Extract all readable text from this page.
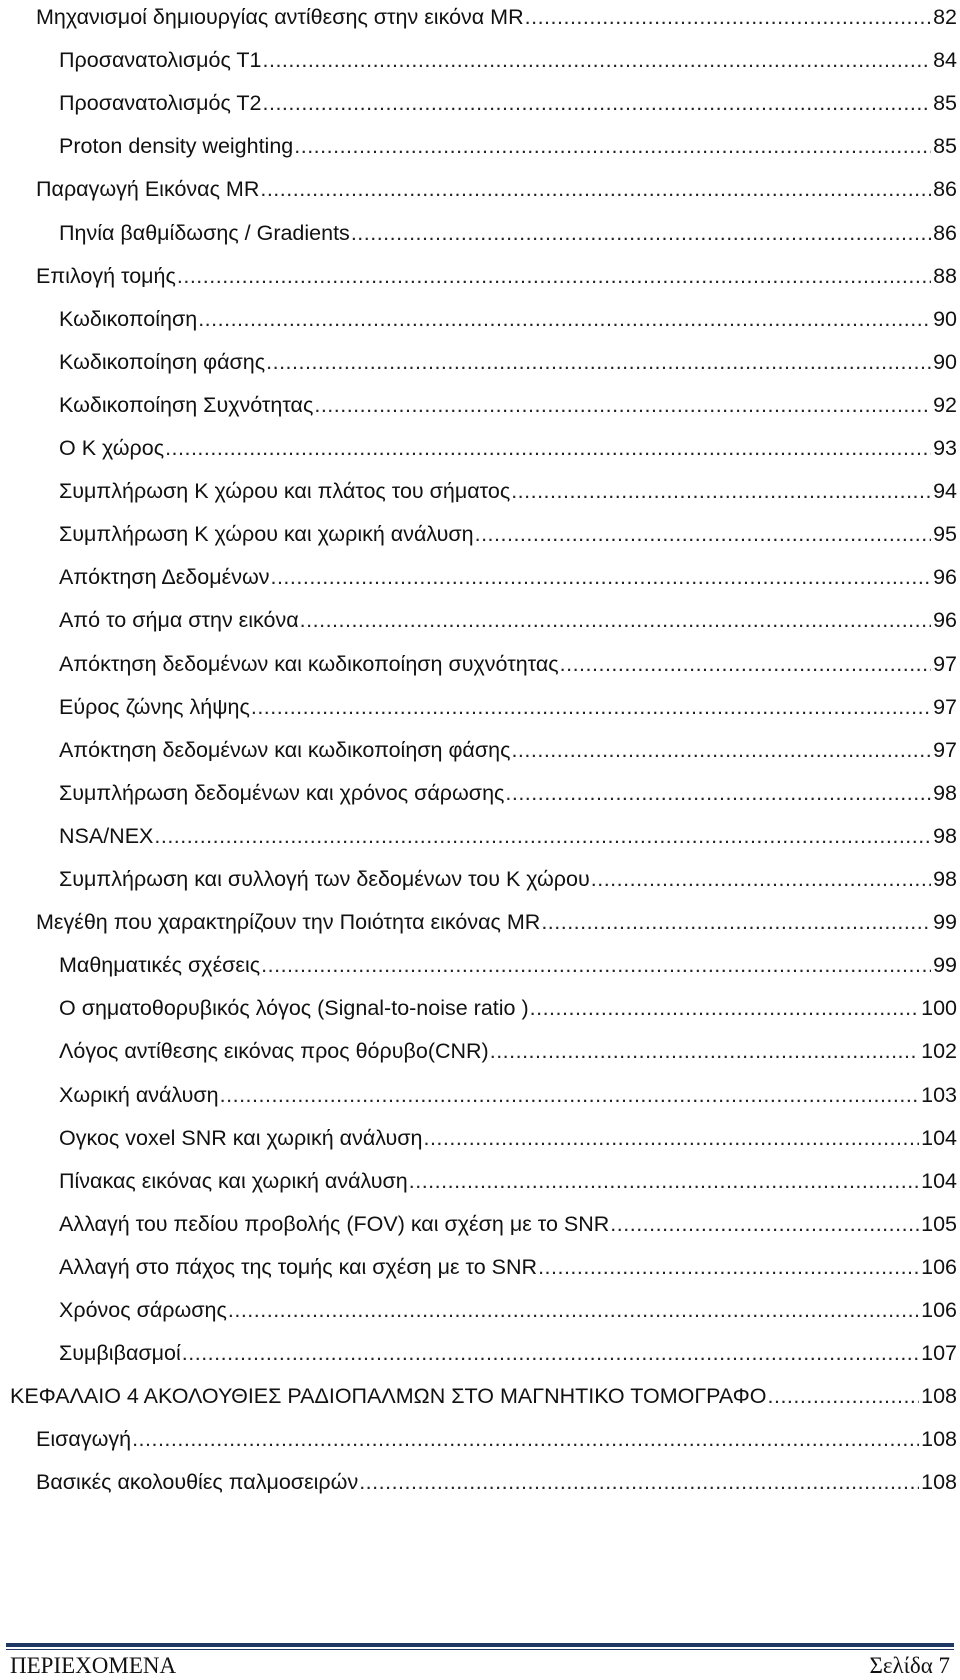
Μηχανισμοί δημιουργίας αντίθεσης στην εικόνα MR .....	82
Προσανατολισμός Τ1 .....	84
Προσανατολισμός Τ2 .....	85
Proton density weighting .....	85
Παραγωγή Εικόνας MR .....	86
Πηνία βαθμίδωσης / Gradients .....	86
Επιλογή τομής .....	88
Κωδικοποίηση .....	90
Κωδικοποίηση φάσης .....	90
Κωδικοποίηση Συχνότητας .....	92
Ο Κ χώρος .....	93
Συμπλήρωση Κ χώρου και πλάτος του σήματος .....	94
Συμπλήρωση Κ χώρου και χωρική ανάλυση .....	95
Απόκτηση Δεδομένων .....	96
Από το σήμα στην εικόνα .....	96
Απόκτηση δεδομένων και κωδικοποίηση συχνότητας .....	97
Εύρος ζώνης λήψης .....	97
Απόκτηση δεδομένων και κωδικοποίηση φάσης .....	97
Συμπλήρωση δεδομένων και χρόνος σάρωσης .....	98
NSA/NEX .....	98
Συμπλήρωση και συλλογή των δεδομένων του Κ χώρου .....	98
Μεγέθη που χαρακτηρίζουν την Ποιότητα εικόνας MR .....	99
Μαθηματικές σχέσεις .....	99
Ο σηματοθορυβικός λόγος (Signal-to-noise ratio ) .....	100
Λόγος αντίθεσης εικόνας προς θόρυβο(CNR) .....	102
Χωρική ανάλυση .....	103
Ογκος voxel SNR και χωρική ανάλυση .....	104
Πίνακας εικόνας και χωρική ανάλυση .....	104
Αλλαγή του πεδίου προβολής (FOV) και σχέση με το SNR .....	105
Αλλαγή στο πάχος της τομής και σχέση με το SNR .....	106
Χρόνος σάρωσης .....	106
Συμβιβασμοί .....	107
ΚΕΦΑΛΑΙΟ 4 ΑΚΟΛΟΥΘΙΕΣ ΡΑΔΙΟΠΑΛΜΩΝ ΣΤΟ ΜΑΓΝΗΤΙΚΟ ΤΟΜΟΓΡΑΦΟ .....	108
Εισαγωγή .....	108
Βασικές ακολουθίες παλμοσειρών .....	108
ΠΕΡΙΕΧΟΜΕΝΑ	Σελίδα 7
